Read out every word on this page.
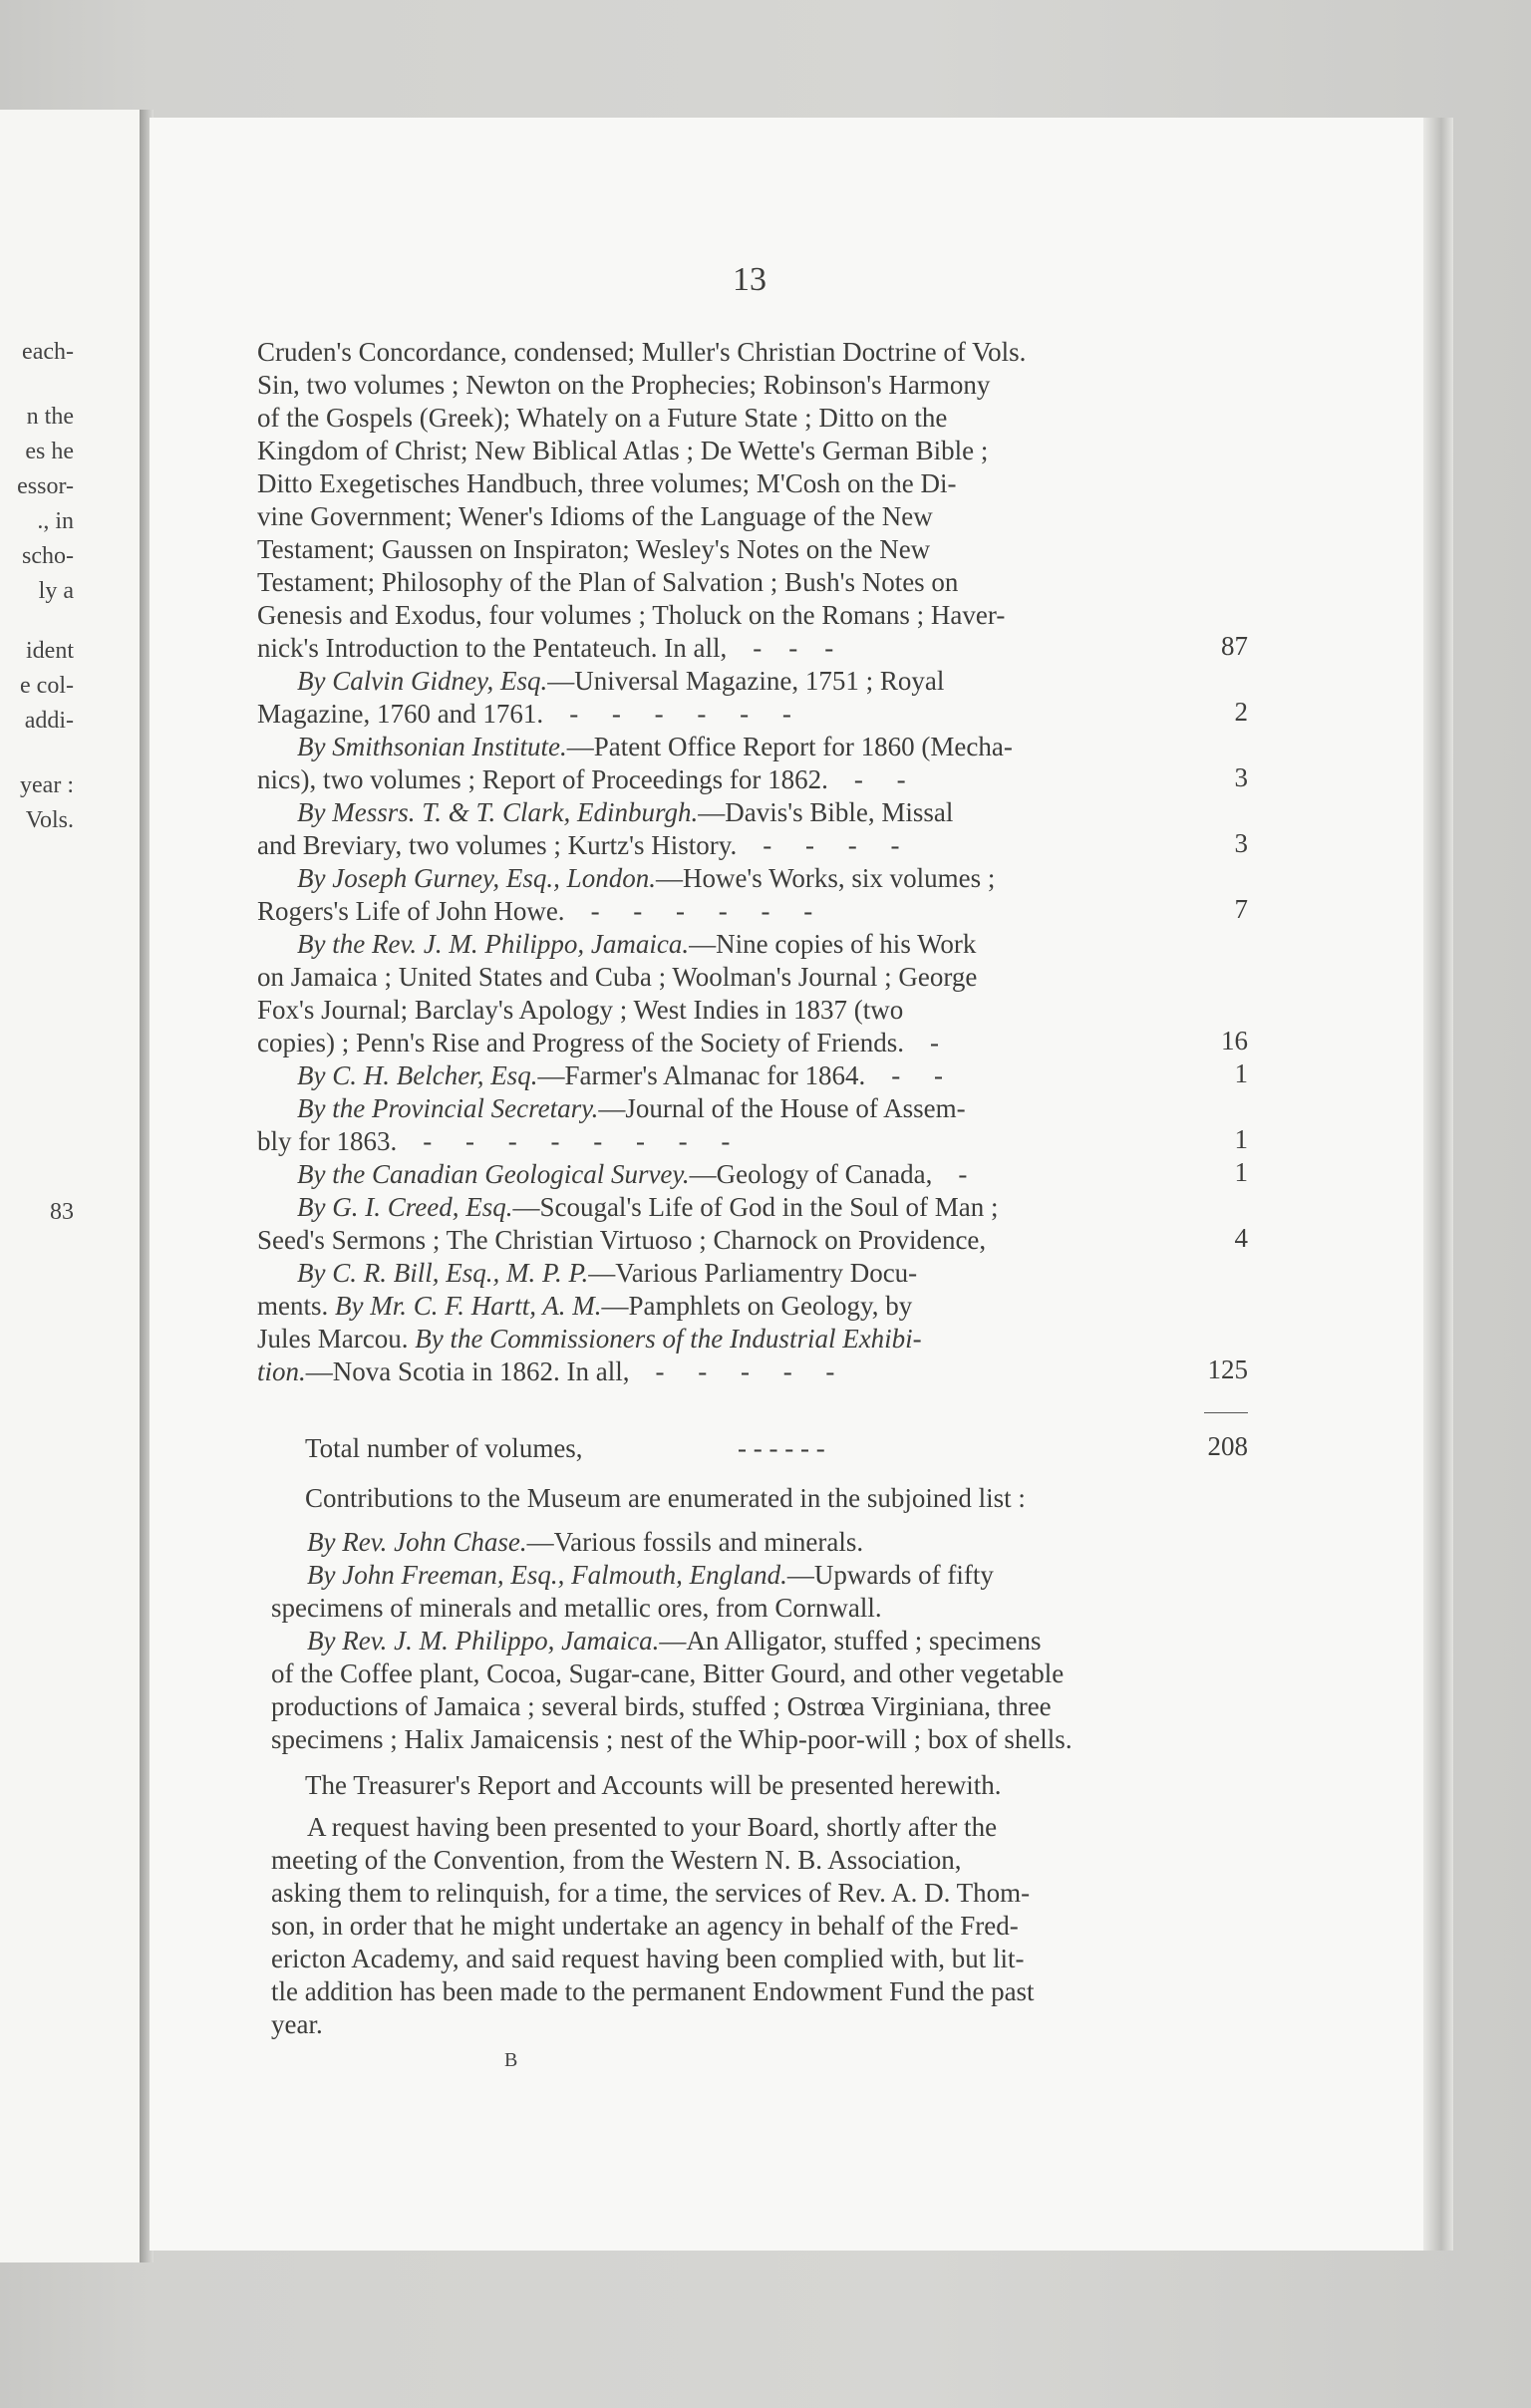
each-
n the
es he
essor-
., in
scho-
ly a
ident
e col-
addi-
year :
Vols.
83
13
Cruden's Concordance, condensed; Muller's Christian Doctrine of Vols.
Sin, two volumes ; Newton on the Prophecies; Robinson's Harmony
of the Gospels (Greek); Whately on a Future State ; Ditto on the
Kingdom of Christ; New Biblical Atlas ; De Wette's German Bible ;
Ditto Exegetisches Handbuch, three volumes; M'Cosh on the Di-
vine Government; Wener's Idioms of the Language of the New
Testament; Gaussen on Inspiraton; Wesley's Notes on the New
Testament; Philosophy of the Plan of Salvation ; Bush's Notes on
Genesis and Exodus, four volumes ; Tholuck on the Romans ; Haver-
nick's Introduction to the Pentateuch. In all, -    -    -	87
By Calvin Gidney, Esq.—Universal Magazine, 1751 ; Royal
Magazine, 1760 and 1761. -     -     -     -     -     -	2
By Smithsonian Institute.—Patent Office Report for 1860 (Mecha-
nics), two volumes ; Report of Proceedings for 1862. -     -	3
By Messrs. T. & T. Clark, Edinburgh.—Davis's Bible, Missal
and Breviary, two volumes ; Kurtz's History. -     -     -     -	3
By Joseph Gurney, Esq., London.—Howe's Works, six volumes ;
Rogers's Life of John Howe. -     -     -     -     -     -	7
By the Rev. J. M. Philippo, Jamaica.—Nine copies of his Work
on Jamaica ; United States and Cuba ; Woolman's Journal ; George
Fox's Journal; Barclay's Apology ; West Indies in 1837 (two
copies) ; Penn's Rise and Progress of the Society of Friends. -	16
By C. H. Belcher, Esq.—Farmer's Almanac for 1864. -     -	1
By the Provincial Secretary.—Journal of the House of Assem-
bly for 1863. -     -     -     -     -     -     -     -	1
By the Canadian Geological Survey.—Geology of Canada, -	1
By G. I. Creed, Esq.—Scougal's Life of God in the Soul of Man ;
Seed's Sermons ; The Christian Virtuoso ; Charnock on Providence,	4
By C. R. Bill, Esq., M. P. P.—Various Parliamentry Docu-
ments. By Mr. C. F. Hartt, A. M.—Pamphlets on Geology, by
Jules Marcou. By the Commissioners of the Industrial Exhibi-
tion.—Nova Scotia in 1862. In all, -     -     -     -     -	125
By Rev. John Chase.—Various fossils and minerals.
By John Freeman, Esq., Falmouth, England.—Upwards of fifty
specimens of minerals and metallic ores, from Cornwall.
By Rev. J. M. Philippo, Jamaica.—An Alligator, stuffed ; specimens
of the Coffee plant, Cocoa, Sugar-cane, Bitter Gourd, and other vegetable
productions of Jamaica ; several birds, stuffed ; Ostrœa Virginiana, three
specimens ; Halix Jamaicensis ; nest of the Whip-poor-will ; box of shells.
Total number of volumes,	- - - - - -	208
Contributions to the Museum are enumerated in the subjoined list :
The Treasurer's Report and Accounts will be presented herewith.
A request having been presented to your Board, shortly after the
meeting of the Convention, from the Western N. B. Association,
asking them to relinquish, for a time, the services of Rev. A. D. Thom-
son, in order that he might undertake an agency in behalf of the Fred-
ericton Academy, and said request having been complied with, but lit-
tle addition has been made to the permanent Endowment Fund the past
year.
B
